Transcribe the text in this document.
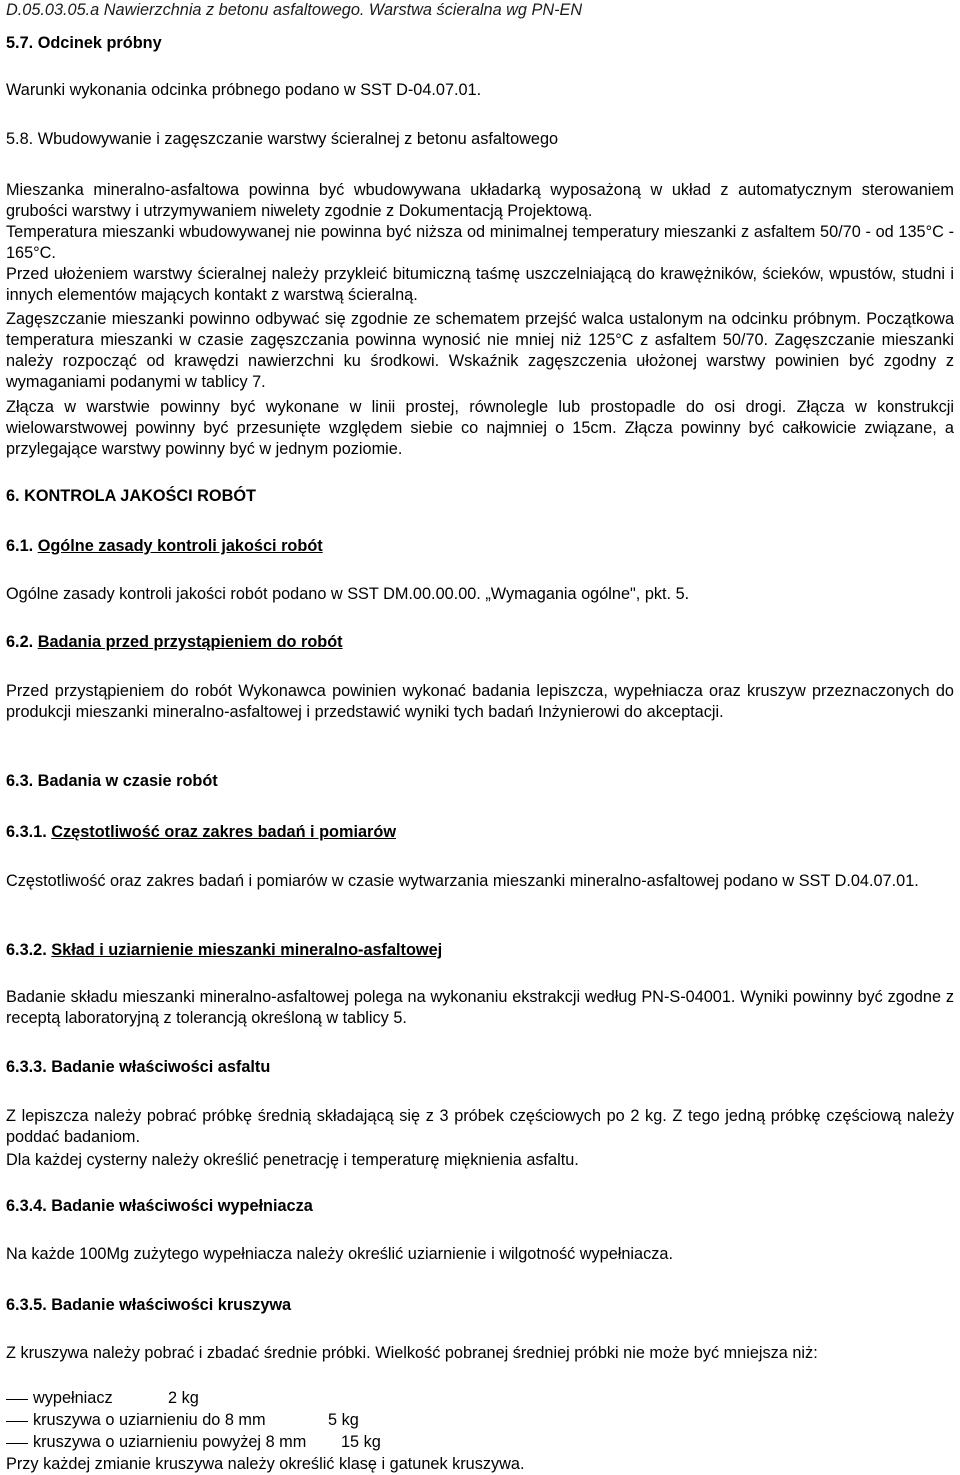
D.05.03.05.a Nawierzchnia z betonu asfaltowego. Warstwa ścieralna wg PN-EN
5.7. Odcinek próbny
Warunki wykonania odcinka próbnego podano w SST D-04.07.01.
5.8. Wbudowywanie i zagęszczanie warstwy ścieralnej z betonu asfaltowego
Mieszanka mineralno-asfaltowa powinna być wbudowywana układarką wyposażoną w układ z automatycznym sterowaniem grubości warstwy i utrzymywaniem niwelety zgodnie z Dokumentacją Projektową.
Temperatura mieszanki wbudowywanej nie powinna być niższa od minimalnej temperatury mieszanki z asfaltem 50/70 - od 135°C - 165°C.
Przed ułożeniem warstwy ścieralnej należy przykleić bitumiczną taśmę uszczelniającą do krawężników, ścieków, wpustów, studni i innych elementów mających kontakt z warstwą ścieralną.
Zagęszczanie mieszanki powinno odbywać się zgodnie ze schematem przejść walca ustalonym na odcinku próbnym. Początkowa temperatura mieszanki w czasie zagęszczania powinna wynosić nie mniej niż 125°C z asfaltem 50/70. Zagęszczanie mieszanki należy rozpocząć od krawędzi nawierzchni ku środkowi. Wskaźnik zagęszczenia ułożonej warstwy powinien być zgodny z wymaganiami podanymi w tablicy 7.
Złącza w warstwie powinny być wykonane w linii prostej, równolegle lub prostopadle do osi drogi. Złącza w konstrukcji wielowarstwowej powinny być przesunięte względem siebie co najmniej o 15cm. Złącza powinny być całkowicie związane, a przylegające warstwy powinny być w jednym poziomie.
6. KONTROLA JAKOŚCI ROBÓT
6.1. Ogólne zasady kontroli jakości robót
Ogólne zasady kontroli jakości robót podano w SST DM.00.00.00. „Wymagania ogólne", pkt. 5.
6.2. Badania przed przystąpieniem do robót
Przed przystąpieniem do robót Wykonawca powinien wykonać badania lepiszcza, wypełniacza oraz kruszyw przeznaczonych do produkcji mieszanki mineralno-asfaltowej i przedstawić wyniki tych badań Inżynierowi do akceptacji.
6.3. Badania w czasie robót
6.3.1. Częstotliwość oraz zakres badań i pomiarów
Częstotliwość oraz zakres badań i pomiarów w czasie wytwarzania mieszanki mineralno-asfaltowej podano w SST D.04.07.01.
6.3.2. Skład i uziarnienie mieszanki mineralno-asfaltowej
Badanie składu mieszanki mineralno-asfaltowej polega na wykonaniu ekstrakcji według PN-S-04001. Wyniki powinny być zgodne z receptą laboratoryjną z tolerancją określoną w tablicy 5.
6.3.3. Badanie właściwości asfaltu
Z lepiszcza należy pobrać próbkę średnią składającą się z 3 próbek częściowych po 2 kg. Z tego jedną próbkę częściową należy poddać badaniom.
Dla każdej cysterny należy określić penetrację i temperaturę mięknienia asfaltu.
6.3.4. Badanie właściwości wypełniacza
Na każde 100Mg zużytego wypełniacza należy określić uziarnienie i wilgotność wypełniacza.
6.3.5. Badanie właściwości kruszywa
Z kruszywa należy pobrać i zbadać średnie próbki. Wielkość pobranej średniej próbki nie może być mniejsza niż:
wypełniacz	2 kg
kruszywa o uziarnieniu do 8 mm	5 kg
kruszywa o uziarnieniu powyżej 8 mm 15 kg
Przy każdej zmianie kruszywa należy określić klasę i gatunek kruszywa.
